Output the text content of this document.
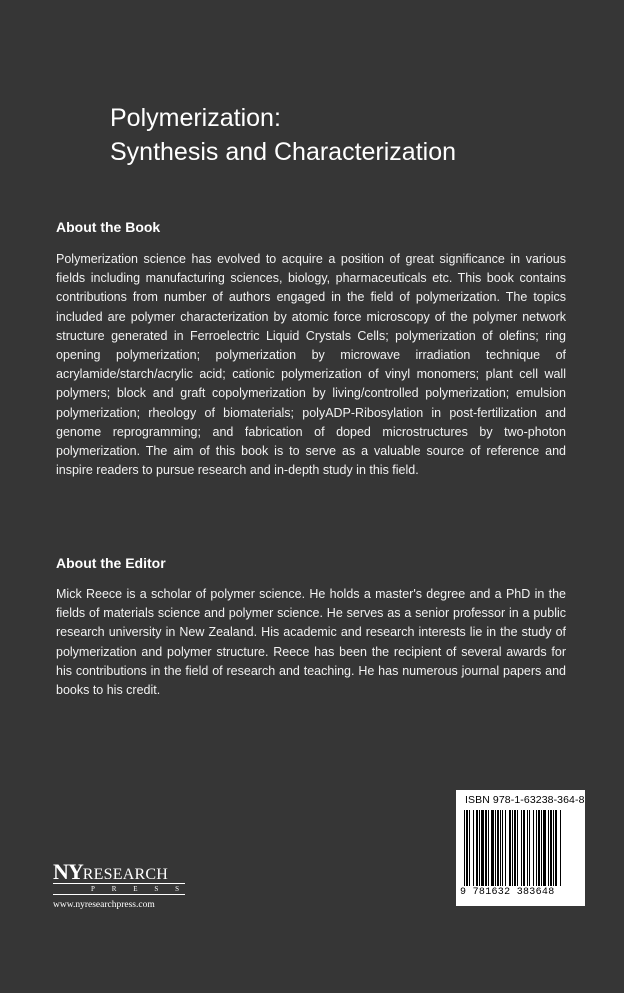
Polymerization:
Synthesis and Characterization
About the Book
Polymerization science has evolved to acquire a position of great significance in various fields including manufacturing sciences, biology, pharmaceuticals etc. This book contains contributions from number of authors engaged in the field of polymerization. The topics included are polymer characterization by atomic force microscopy of the polymer network structure generated in Ferroelectric Liquid Crystals Cells; polymerization of olefins; ring opening polymerization; polymerization by microwave irradiation technique of acrylamide/starch/acrylic acid; cationic polymerization of vinyl monomers; plant cell wall polymers; block and graft copolymerization by living/controlled polymerization; emulsion polymerization; rheology of biomaterials; polyADP-Ribosylation in post-fertilization and genome reprogramming; and fabrication of doped microstructures by two-photon polymerization. The aim of this book is to serve as a valuable source of reference and inspire readers to pursue research and in-depth study in this field.
About the Editor
Mick Reece is a scholar of polymer science. He holds a master's degree and a PhD in the fields of materials science and polymer science. He serves as a senior professor in a public research university in New Zealand. His academic and research interests lie in the study of polymerization and polymer structure. Reece has been the recipient of several awards for his contributions in the field of research and teaching. He has numerous journal papers and books to his credit.
ISBN 978-1-63238-364-8
9 781632 383648
NYRESEARCH
P R E S S
www.nyresearchpress.com
